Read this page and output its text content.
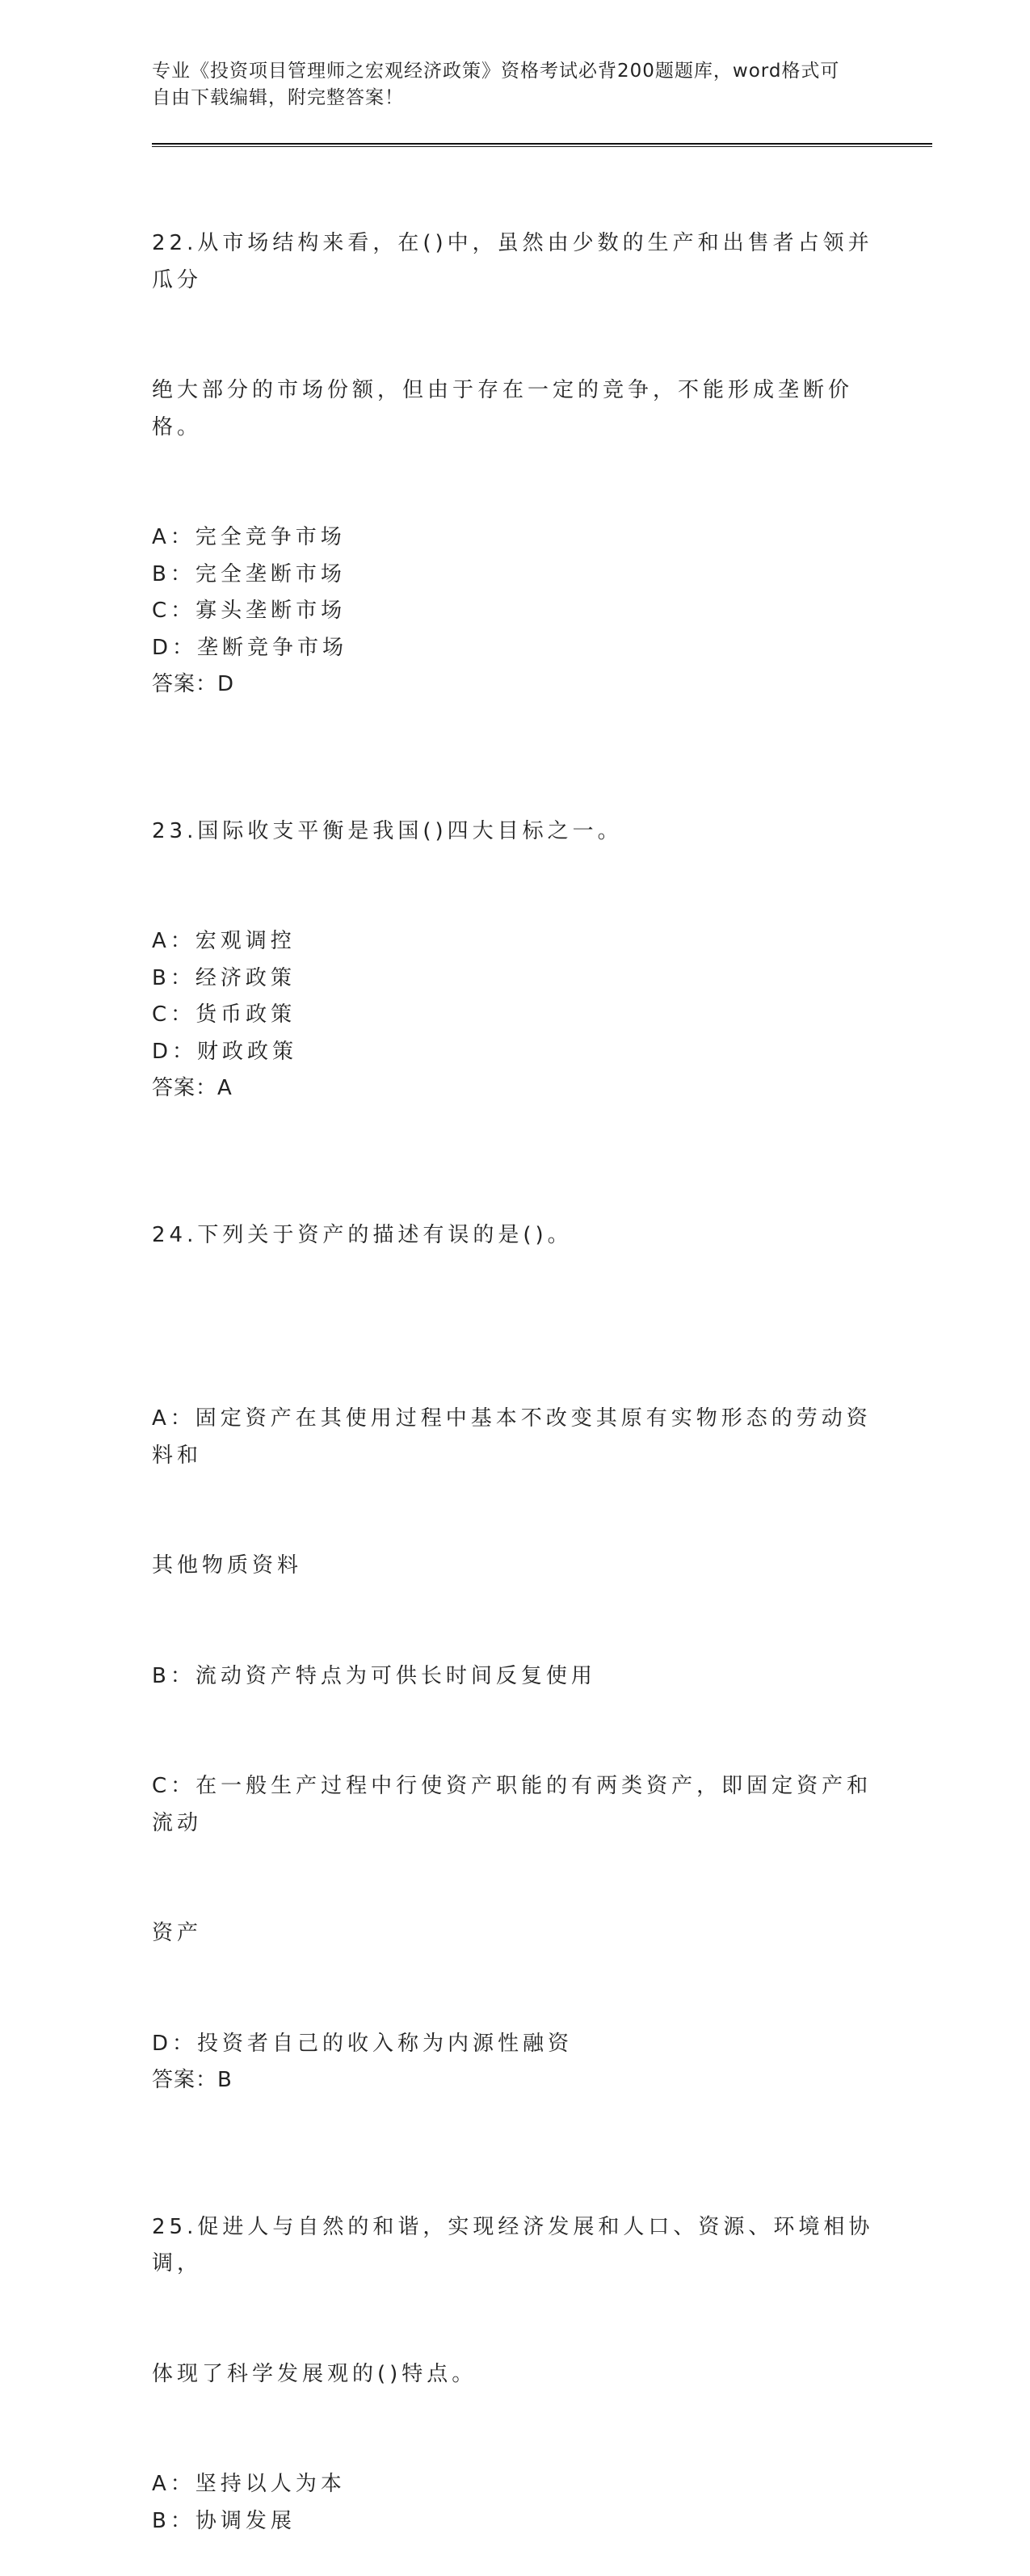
专业《投资项目管理师之宏观经济政策》资格考试必背200题题库，word格式可
自由下载编辑，附完整答案！

22.从市场结构来看，在()中，虽然由少数的生产和出售者占领并瓜分

绝大部分的市场份额，但由于存在一定的竞争，不能形成垄断价格。

A：完全竞争市场
B：完全垄断市场
C：寡头垄断市场
D：垄断竞争市场
答案：D

23.国际收支平衡是我国()四大目标之一。

A：宏观调控
B：经济政策
C：货币政策
D：财政政策
答案：A

24.下列关于资产的描述有误的是()。

A：固定资产在其使用过程中基本不改变其原有实物形态的劳动资料和

其他物质资料

B：流动资产特点为可供长时间反复使用

C：在一般生产过程中行使资产职能的有两类资产，即固定资产和流动

资产

D：投资者自己的收入称为内源性融资
答案：B

25.促进人与自然的和谐，实现经济发展和人口、资源、环境相协调，

体现了科学发展观的()特点。

A：坚持以人为本
B：协调发展
